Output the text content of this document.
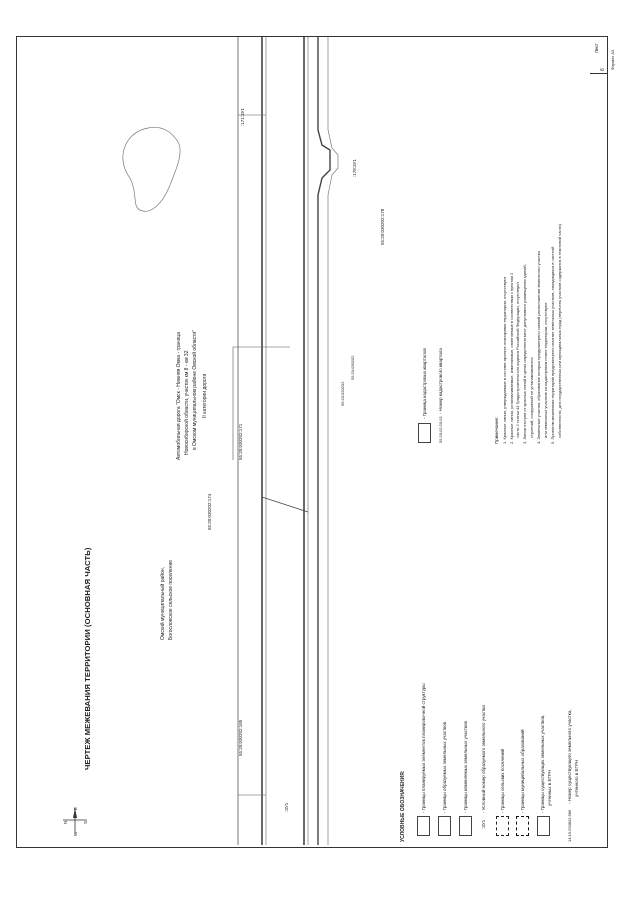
Лист
6 Формат А3
N	S
W
E
ЧЕРТЕЖ МЕЖЕВАНИЯ ТЕРРИТОРИИ (ОСНОВНАЯ ЧАСТЬ)	Омский муниципальный район, Богословское сельское поселение
Автомобильная дорога "Омск - Нижняя Омка - граница Новосибирской области, участок км 8 - км 32 в Омском муниципальном районе Омской области" II категории дороги
55:20:030202:174
55:20:030202:171
55:20:030202:185
55:20:030202:178
55:20:030202
55:20:030202
:171:ЗУ1
:178:ЗУ1
:ЗУ1	УСЛОВНЫЕ ОБОЗНАЧЕНИЯ:	- Границы планируемых элементов планировочной структуры	- Границы образуемых земельных участков	- Границы изменяемых земельных участков
:ЗУ1
- Условный номер образуемого земельного участка	- Границы сельских поселений	- Границы муниципальных образований	- Границы существующих земельных участков, учтенных в ЕГРН
14:19:290802:586
- Номер существующего земельного участка, учтенного в ЕГРН
- Граница кадастровых кварталов
55:20:02:20:02
- Номер кадастрового квартала
Примечание: 1. Красные линии, утверждаемые в составе проекта планировки территории, отсутствуют 2. Красные линии, устанавливаемые, изменяемые, отменяемые в соответствии с пунктом 2 части 2 статьи 43 Градостроительного кодекса Российской Федерации, отсутствуют 3. Линии отступа от красных линий в целях определения мест допустимого размещения зданий, строений, сооружений не устанавливаются 4. Земельные участки, образование которых предусмотрено схемой расположения земельного участка или земельных участков на кадастровом плане территории, отсутствуют 5. Проектом межевания территории предусмотрено изъятие земельных участков, находящихся в частной собственности, для государственных или муниципальных нужд (перечень участков содержится в текстовой части)
